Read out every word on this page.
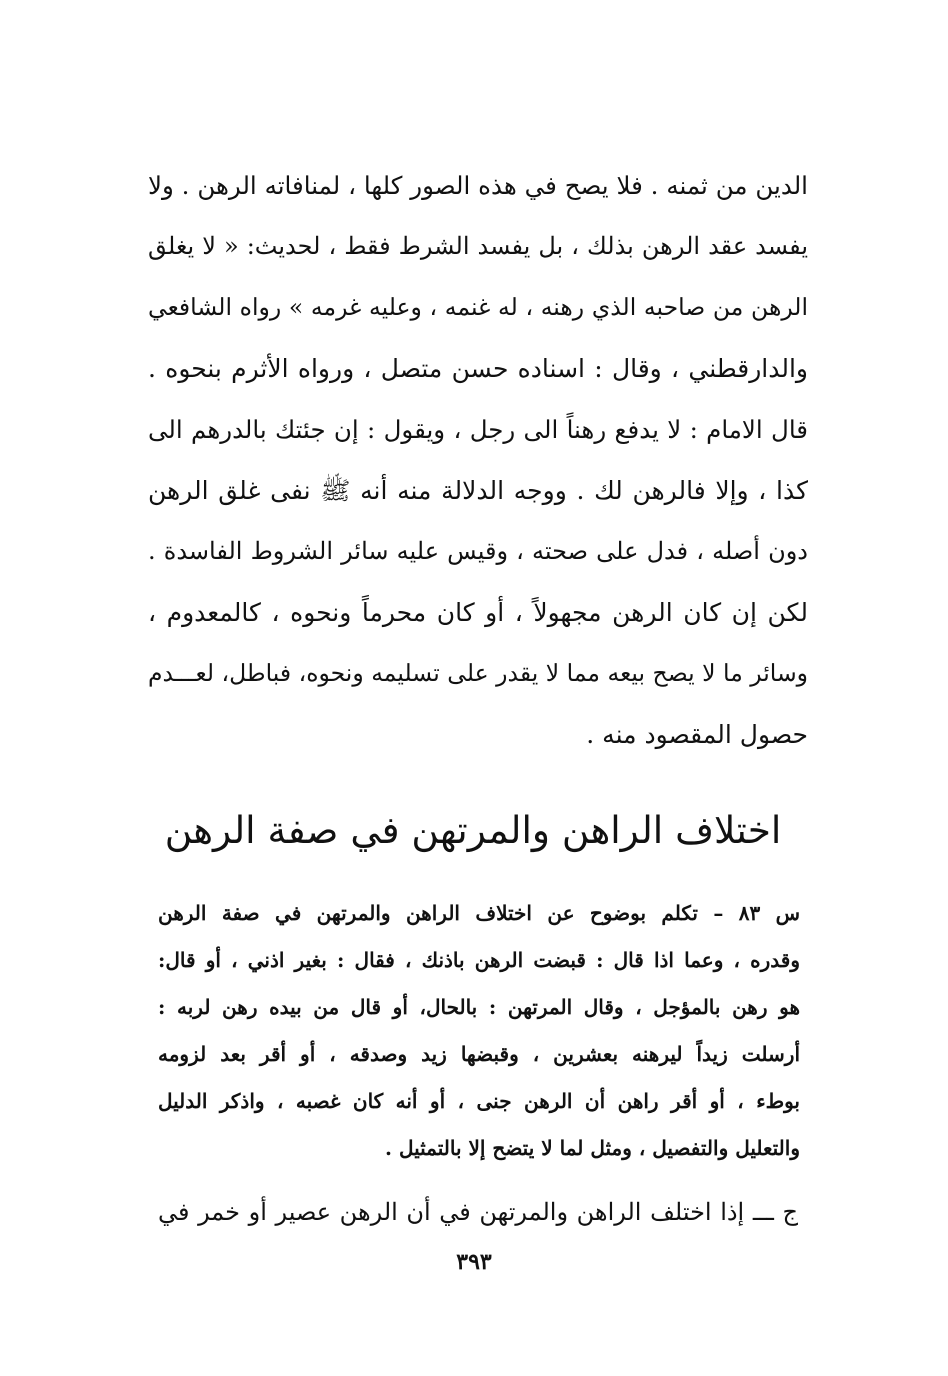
الدين من ثمنه . فلا يصح في هذه الصور كلها ، لمنافاته الرهن . ولا
يفسد عقد الرهن بذلك ، بل يفسد الشرط فقط ، لحديث: « لا يغلق
الرهن من صاحبه الذي رهنه ، له غنمه ، وعليه غرمه » رواه الشافعي
والدارقطني ، وقال : اسناده حسن متصل ، ورواه الأثرم بنحوه .
قال الامام : لا يدفع رهناً الى رجل ، ويقول : إن جئتك بالدرهم الى
كذا ، وإلا فالرهن لك . ووجه الدلالة منه أنه ﷺ نفى غلق الرهن
دون أصله ، فدل على صحته ، وقيس عليه سائر الشروط الفاسدة .
لكن إن كان الرهن مجهولاً ، أو كان محرماً ونحوه ، كالمعدوم ،
وسائر ما لا يصح بيعه مما لا يقدر على تسليمه ونحوه، فباطل، لعـــدم
حصول المقصود منه .
اختلاف الراهن والمرتهن في صفة الرهن
س ٨٣ – تكلم بوضوح عن اختلاف الراهن والمرتهن في صفة الرهن
وقدره ، وعما اذا قال : قبضت الرهن باذنك ، فقال : بغير اذني ، أو قال:
هو رهن بالمؤجل ، وقال المرتهن : بالحال، أو قال من بيده رهن لربه :
أرسلت زيداً ليرهنه بعشرين ، وقبضها زيد وصدقه ، أو أقر بعد لزومه
بوطء ، أو أقر راهن أن الرهن جنى ، أو أنه كان غصبه ، واذكر الدليل
والتعليل والتفصيل ، ومثل لما لا يتضح إلا بالتمثيل .
ج ـــ إذا اختلف الراهن والمرتهن في أن الرهن عصير أو خمر في
٣٩٣
